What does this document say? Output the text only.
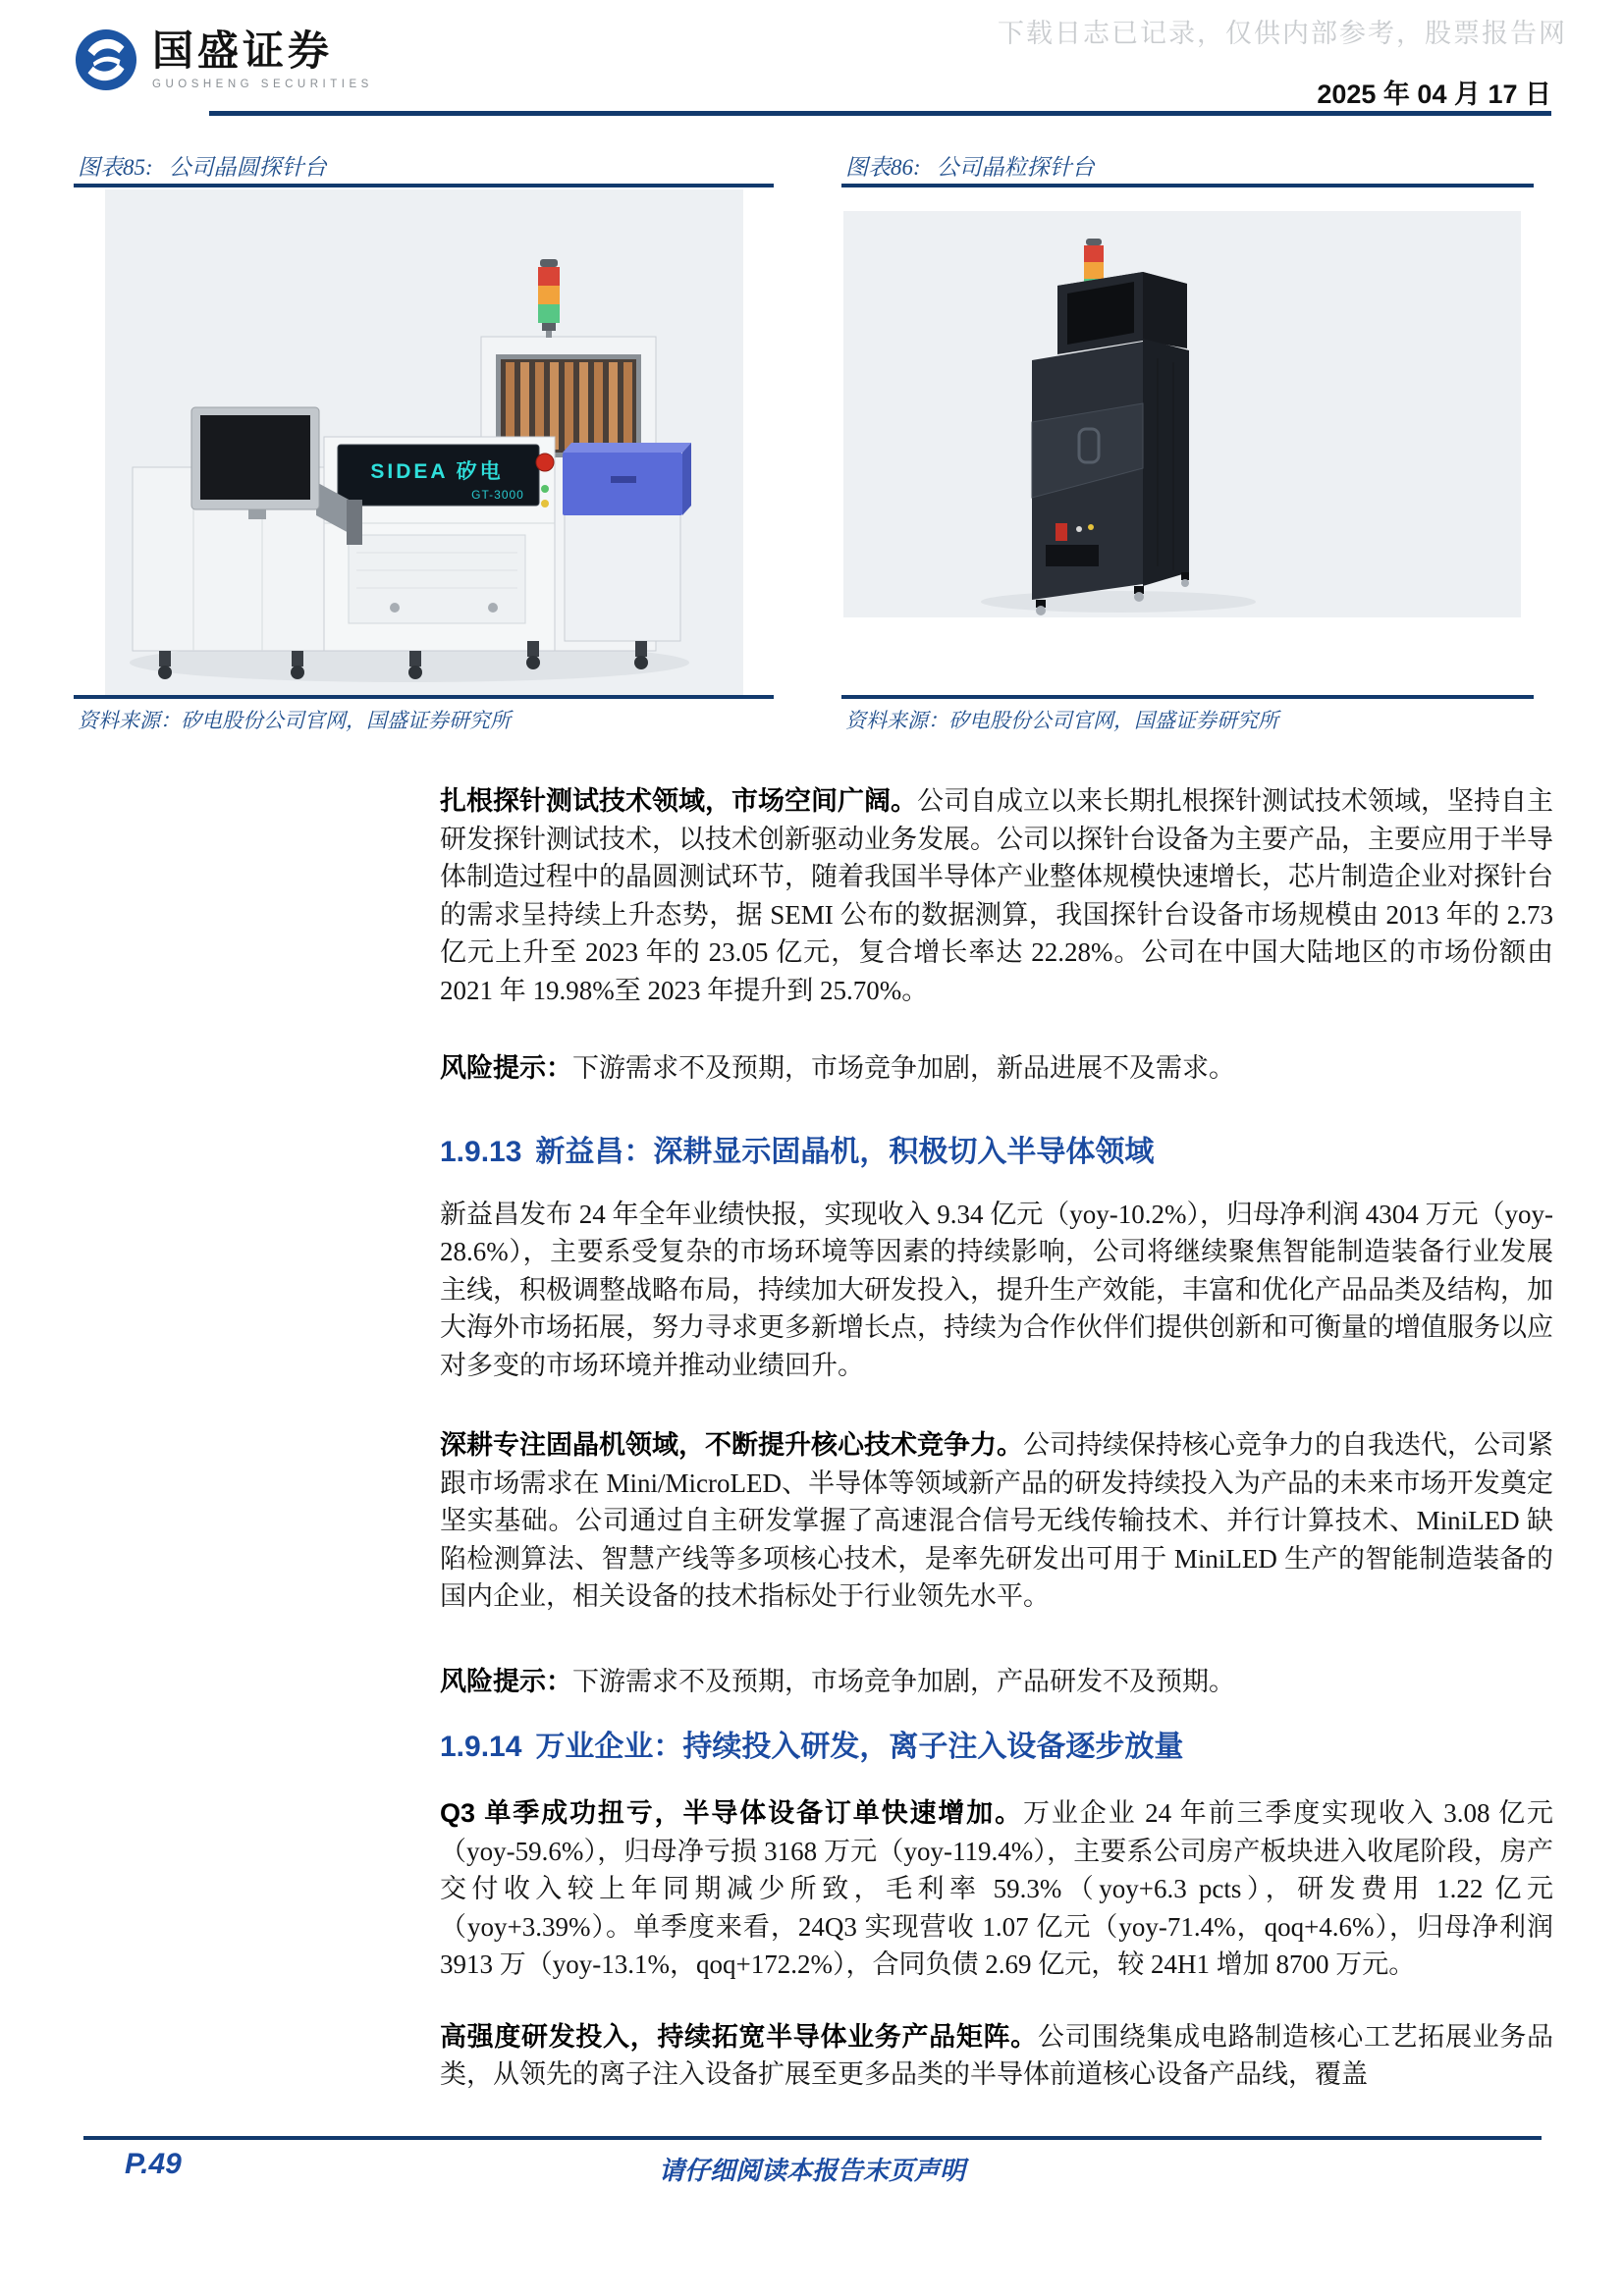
下载日志已记录，仅供内部参考，股票报告网
国盛证券
GUOSHENG SECURITIES	2025 年 04 月 17 日
图表85: 公司晶圆探针台
SIDEA 矽电
GT-3000
资料来源：矽电股份公司官网，国盛证券研究所
图表86: 公司晶粒探针台
资料来源：矽电股份公司官网，国盛证券研究所

扎根探针测试技术领域，市场空间广阔。公司自成立以来长期扎根探针测试技术领域，坚持自主研发探针测试技术，以技术创新驱动业务发展。公司以探针台设备为主要产品，主要应用于半导体制造过程中的晶圆测试环节，随着我国半导体产业整体规模快速增长，芯片制造企业对探针台的需求呈持续上升态势，据 SEMI 公布的数据测算，我国探针台设备市场规模由 2013 年的 2.73 亿元上升至 2023 年的 23.05 亿元，复合增长率达 22.28%。公司在中国大陆地区的市场份额由 2021 年 19.98%至 2023 年提升到 25.70%。

风险提示：下游需求不及预期，市场竞争加剧，新品进展不及需求。

1.9.13 新益昌：深耕显示固晶机，积极切入半导体领域

新益昌发布 24 年全年业绩快报，实现收入 9.34 亿元（yoy-10.2%），归母净利润 4304 万元（yoy-28.6%），主要系受复杂的市场环境等因素的持续影响，公司将继续聚焦智能制造装备行业发展主线，积极调整战略布局，持续加大研发投入，提升生产效能，丰富和优化产品品类及结构，加大海外市场拓展，努力寻求更多新增长点，持续为合作伙伴们提供创新和可衡量的增值服务以应对多变的市场环境并推动业绩回升。

深耕专注固晶机领域，不断提升核心技术竞争力。公司持续保持核心竞争力的自我迭代，公司紧跟市场需求在 Mini/MicroLED、半导体等领域新产品的研发持续投入为产品的未来市场开发奠定坚实基础。公司通过自主研发掌握了高速混合信号无线传输技术、并行计算技术、MiniLED 缺陷检测算法、智慧产线等多项核心技术，是率先研发出可用于 MiniLED 生产的智能制造装备的国内企业，相关设备的技术指标处于行业领先水平。

风险提示：下游需求不及预期，市场竞争加剧，产品研发不及预期。

1.9.14 万业企业：持续投入研发，离子注入设备逐步放量

Q3 单季成功扭亏，半导体设备订单快速增加。万业企业 24 年前三季度实现收入 3.08 亿元（yoy-59.6%），归母净亏损 3168 万元（yoy-119.4%），主要系公司房产板块进入收尾阶段，房产交付收入较上年同期减少所致，毛利率 59.3%（yoy+6.3 pcts），研发费用 1.22 亿元（yoy+3.39%）。单季度来看，24Q3 实现营收 1.07 亿元（yoy-71.4%，qoq+4.6%），归母净利润 3913 万（yoy-13.1%，qoq+172.2%），合同负债 2.69 亿元，较 24H1 增加 8700 万元。

高强度研发投入，持续拓宽半导体业务产品矩阵。公司围绕集成电路制造核心工艺拓展业务品类，从领先的离子注入设备扩展至更多品类的半导体前道核心设备产品线，覆盖

P.49	请仔细阅读本报告末页声明
